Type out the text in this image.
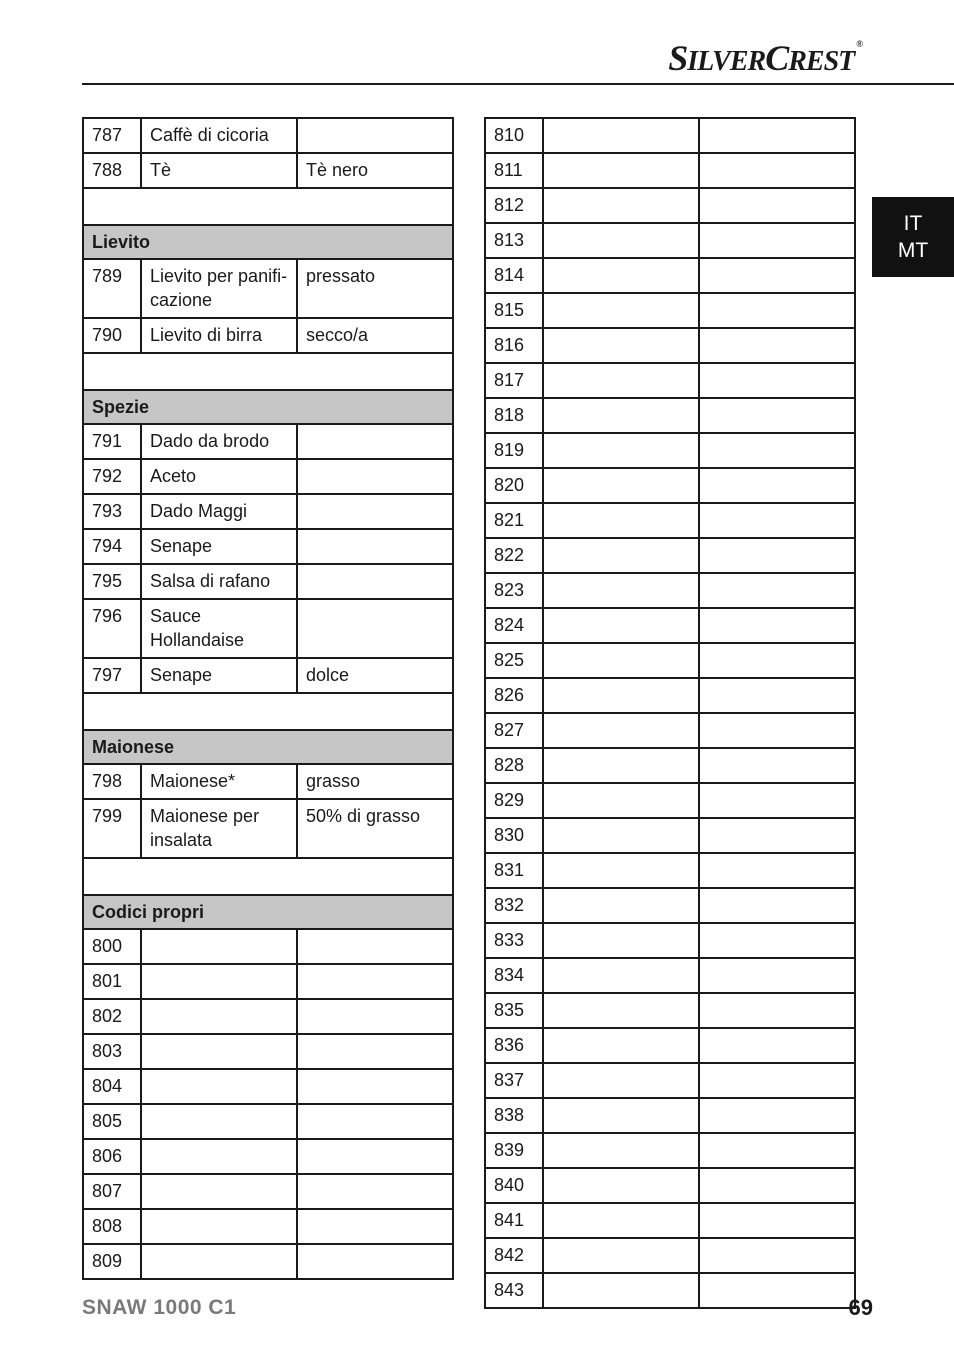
SILVERCREST®
IT
MT
787	Caffè di cicoria	
788	Tè	Tè nero

Lievito		
789	Lievito per panifi-cazione	pressato
790	Lievito di birra	secco/a

Spezie		
791	Dado da brodo	
792	Aceto	
793	Dado Maggi	
794	Senape	
795	Salsa di rafano	
796	Sauce Hollandaise	
797	Senape	dolce

Maionese		
798	Maionese*	grasso
799	Maionese per insalata	50% di grasso

Codici propri		
800		
801		
802		
803		
804		
805		
806		
807		
808		
809		
810		
811		
812		
813		
814		
815		
816		
817		
818		
819		
820		
821		
822		
823		
824		
825		
826		
827		
828		
829		
830		
831		
832		
833		
834		
835		
836		
837		
838		
839		
840		
841		
842		
843		
SNAW 1000 C1	69
